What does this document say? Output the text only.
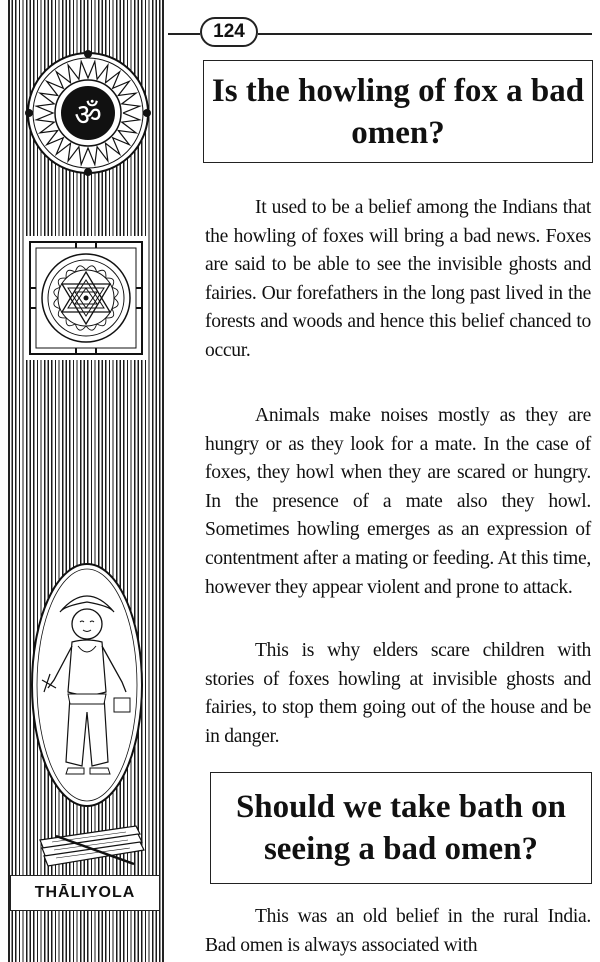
ॐ
THĀLIYOLA
124
Is the howling of fox a bad omen?

It used to be a belief among the Indians that the howling of foxes will bring a bad news. Foxes are said to be able to see the invisible ghosts and fairies. Our forefathers in the long past lived in the forests and woods and hence this belief chanced to occur.

Animals make noises mostly as they are hungry or as they look for a mate. In the case of foxes, they howl when they are scared or hungry. In the presence of a mate also they howl. Sometimes howling emerges as an expression of contentment after a mating or feeding. At this time, however they appear violent and prone to attack.

This is why elders scare children with stories of foxes howling at invisible ghosts and fairies, to stop them going out of the house and be in danger.

Should we take bath on seeing a bad omen?

This was an old belief in the rural India. Bad omen is always associated with
